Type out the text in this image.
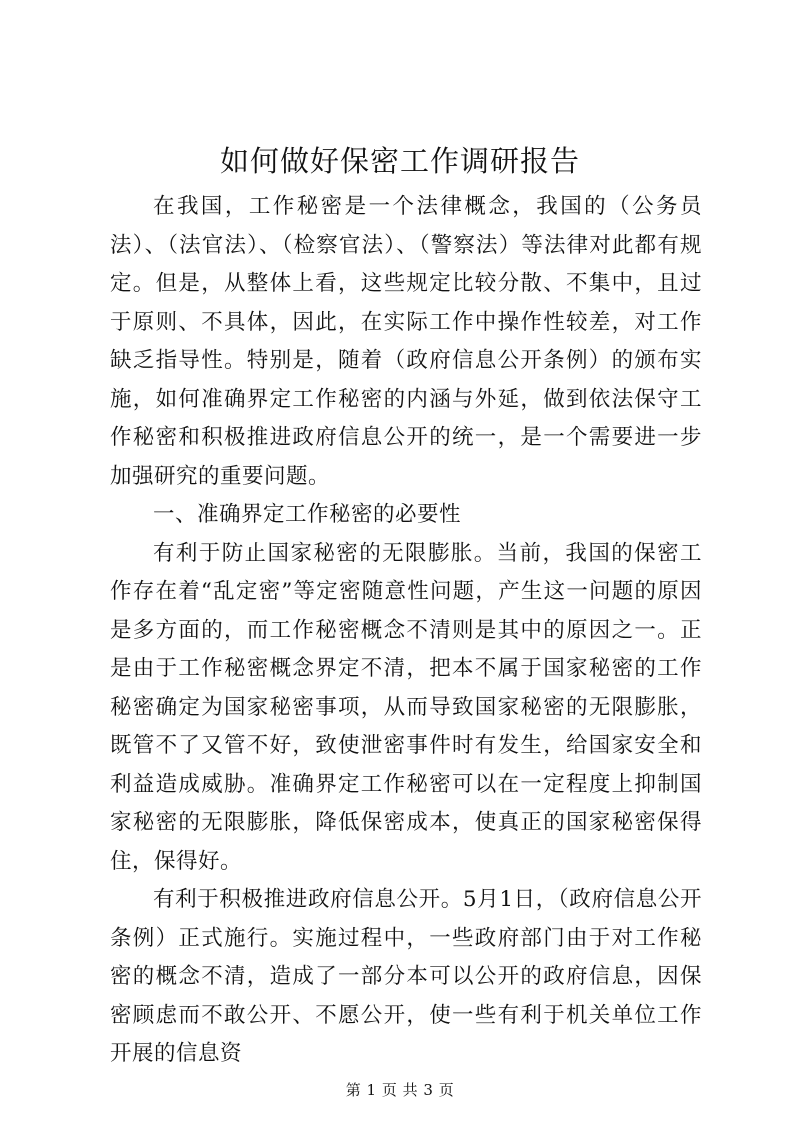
如何做好保密工作调研报告

在我国，工作秘密是一个法律概念，我国的（公务员法）、（法官法）、（检察官法）、（警察法）等法律对此都有规定。但是，从整体上看，这些规定比较分散、不集中，且过于原则、不具体，因此，在实际工作中操作性较差，对工作缺乏指导性。特别是，随着（政府信息公开条例）的颁布实施，如何准确界定工作秘密的内涵与外延，做到依法保守工作秘密和积极推进政府信息公开的统一，是一个需要进一步加强研究的重要问题。

一、准确界定工作秘密的必要性

有利于防止国家秘密的无限膨胀。当前，我国的保密工作存在着“乱定密”等定密随意性问题，产生这一问题的原因是多方面的，而工作秘密概念不清则是其中的原因之一。正是由于工作秘密概念界定不清，把本不属于国家秘密的工作秘密确定为国家秘密事项，从而导致国家秘密的无限膨胀，既管不了又管不好，致使泄密事件时有发生，给国家安全和利益造成威胁。准确界定工作秘密可以在一定程度上抑制国家秘密的无限膨胀，降低保密成本，使真正的国家秘密保得住，保得好。

有利于积极推进政府信息公开。5月1日，（政府信息公开条例）正式施行。实施过程中，一些政府部门由于对工作秘密的概念不清，造成了一部分本可以公开的政府信息，因保密顾虑而不敢公开、不愿公开，使一些有利于机关单位工作开展的信息资

第 1 页 共 3 页
